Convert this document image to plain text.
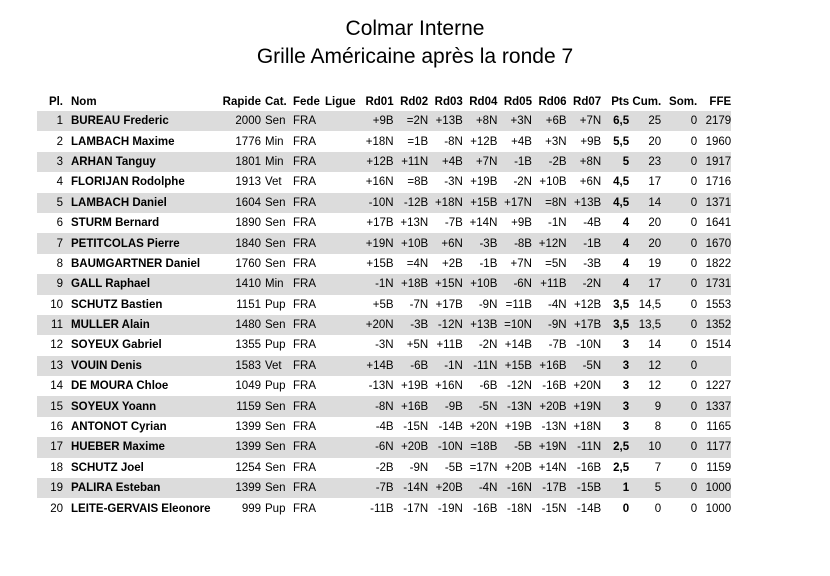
Colmar Interne
Grille Américaine après la ronde 7
Pl.	Nom	Rapide	Cat.	Fede	Ligue	Rd01	Rd02	Rd03	Rd04	Rd05	Rd06	Rd07	Pts	Cum.	Som.	FFE
1	BUREAU Frederic	2000	Sen	FRA		+9B	=2N	+13B	+8N	+3N	+6B	+7N	6,5	25	0	2179
2	LAMBACH Maxime	1776	Min	FRA		+18N	=1B	-8N	+12B	+4B	+3N	+9B	5,5	20	0	1960
3	ARHAN Tanguy	1801	Min	FRA		+12B	+11N	+4B	+7N	-1B	-2B	+8N	5	23	0	1917
4	FLORIJAN Rodolphe	1913	Vet	FRA		+16N	=8B	-3N	+19B	-2N	+10B	+6N	4,5	17	0	1716
5	LAMBACH Daniel	1604	Sen	FRA		-10N	-12B	+18N	+15B	+17N	=8N	+13B	4,5	14	0	1371
6	STURM Bernard	1890	Sen	FRA		+17B	+13N	-7B	+14N	+9B	-1N	-4B	4	20	0	1641
7	PETITCOLAS Pierre	1840	Sen	FRA		+19N	+10B	+6N	-3B	-8B	+12N	-1B	4	20	0	1670
8	BAUMGARTNER Daniel	1760	Sen	FRA		+15B	=4N	+2B	-1B	+7N	=5N	-3B	4	19	0	1822
9	GALL Raphael	1410	Min	FRA		-1N	+18B	+15N	+10B	-6N	+11B	-2N	4	17	0	1731
10	SCHUTZ Bastien	1151	Pup	FRA		+5B	-7N	+17B	-9N	=11B	-4N	+12B	3,5	14,5	0	1553
11	MULLER Alain	1480	Sen	FRA		+20N	-3B	-12N	+13B	=10N	-9N	+17B	3,5	13,5	0	1352
12	SOYEUX Gabriel	1355	Pup	FRA		-3N	+5N	+11B	-2N	+14B	-7B	-10N	3	14	0	1514
13	VOUIN Denis	1583	Vet	FRA		+14B	-6B	-1N	-11N	+15B	+16B	-5N	3	12	0	
14	DE MOURA Chloe	1049	Pup	FRA		-13N	+19B	+16N	-6B	-12N	-16B	+20N	3	12	0	1227
15	SOYEUX Yoann	1159	Sen	FRA		-8N	+16B	-9B	-5N	-13N	+20B	+19N	3	9	0	1337
16	ANTONOT Cyrian	1399	Sen	FRA		-4B	-15N	-14B	+20N	+19B	-13N	+18N	3	8	0	1165
17	HUEBER Maxime	1399	Sen	FRA		-6N	+20B	-10N	=18B	-5B	+19N	-11N	2,5	10	0	1177
18	SCHUTZ Joel	1254	Sen	FRA		-2B	-9N	-5B	=17N	+20B	+14N	-16B	2,5	7	0	1159
19	PALIRA Esteban	1399	Sen	FRA		-7B	-14N	+20B	-4N	-16N	-17B	-15B	1	5	0	1000
20	LEITE-GERVAIS Eleonore	999	Pup	FRA		-11B	-17N	-19N	-16B	-18N	-15N	-14B	0	0	0	1000
